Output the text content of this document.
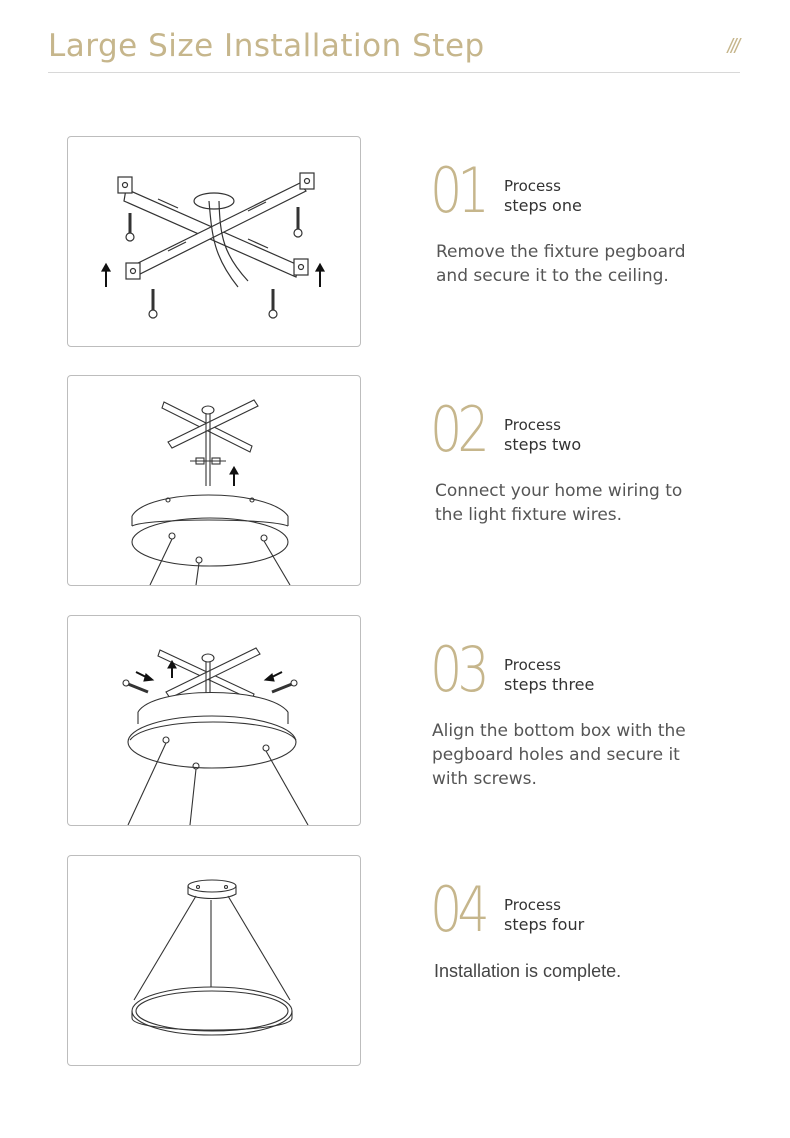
Large Size Installation Step	///
01 Process
steps one
Remove the fixture pegboard and secure it to the ceiling.
02 Process
steps two
Connect your home wiring to the light fixture wires.
03 Process
steps three
Align the bottom box with the pegboard holes and secure it with screws.
04 Process
steps four
Installation is complete.
